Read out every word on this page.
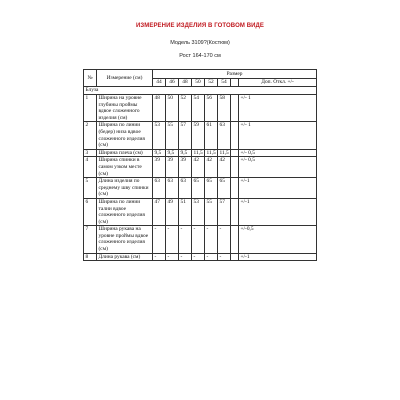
ИЗМЕРЕНИЕ ИЗДЕЛИЯ В ГОТОВОМ ВИДЕ
Модель 3109?(Костюм)
Рост 164-170 см
№	Измерение (см)	Размер							
		44	46	48	50	52	54		Доп. Откл. +/-
Блуза									
1	Ширина на уровне глубины проймы вдвое сложенного изделия (см)	48	50	52	54	56	58		+/- 1
2	Ширина по линии (бедер) низа вдвое сложенного изделия (см)	53	55	57	59	61	63		+/- 1
3	Ширина плеча (см)	9,5	9,5	9,5	11,5	11,5	11,5		+/- 0,5
4	Ширина спинки в самом узком месте (см)	39	39	39	42	42	42		+/- 0,5
5	Длина изделия по среднему шву спинки (см)	63	63	63	65	65	65		+/-1
6	Ширина по линии талии вдвое сложенного изделия (см)	47	49	51	53	55	57		+/-1
7	Ширина рукава на уровне проймы вдвое сложенного изделия (см)	-	-	-	-	-	-		+/-0,5
8	Длина рукава (см)	-	-	-	-	-	-		+/-1
